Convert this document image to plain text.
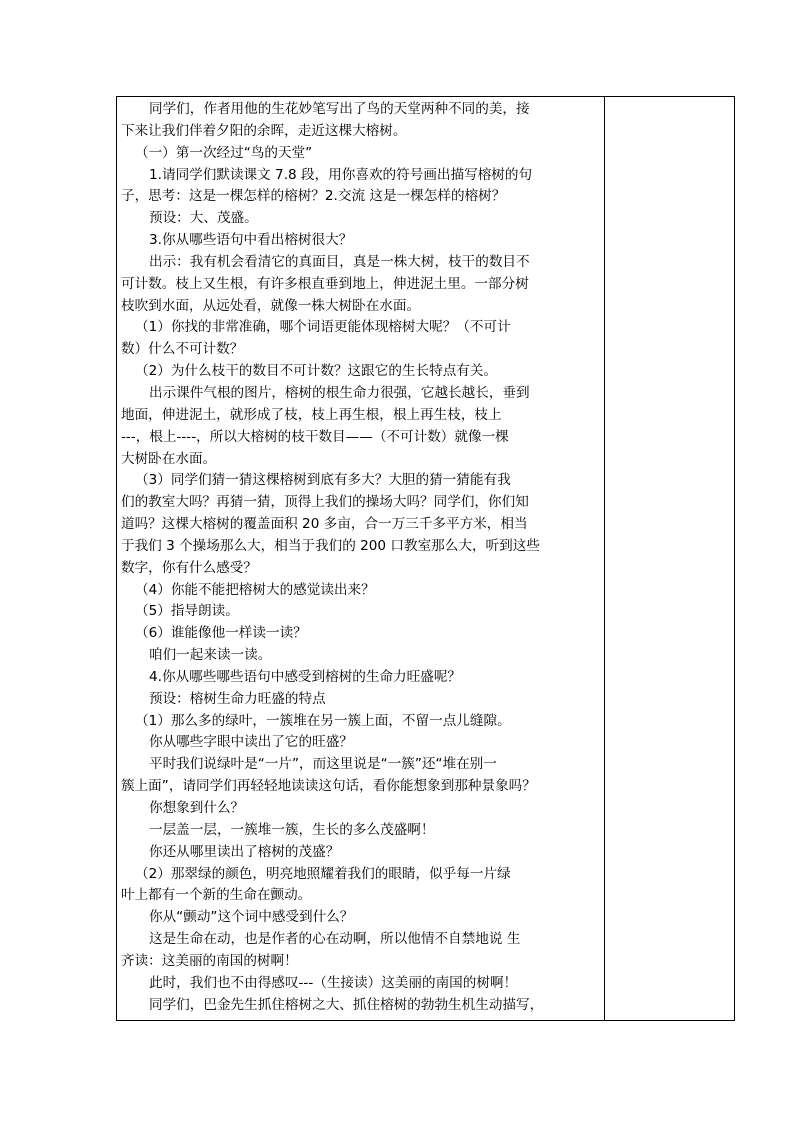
同学们，作者用他的生花妙笔写出了鸟的天堂两种不同的美，接
下来让我们伴着夕阳的余晖，走近这棵大榕树。
（一）第一次经过“鸟的天堂”
1.请同学们默读课文 7.8 段，用你喜欢的符号画出描写榕树的句
子，思考：这是一棵怎样的榕树？2.交流 这是一棵怎样的榕树？
预设：大、茂盛。
3.你从哪些语句中看出榕树很大？
出示：我有机会看清它的真面目，真是一株大树，枝干的数目不
可计数。枝上又生根，有许多根直垂到地上，伸进泥土里。一部分树
枝吹到水面，从远处看，就像一株大树卧在水面。
（1）你找的非常准确，哪个词语更能体现榕树大呢？（不可计
数）什么不可计数？
（2）为什么枝干的数目不可计数？这跟它的生长特点有关。
出示课件气根的图片，榕树的根生命力很强，它越长越长，垂到
地面，伸进泥土，就形成了枝，枝上再生根，根上再生枝，枝上
---，根上----，所以大榕树的枝干数目——（不可计数）就像一棵
大树卧在水面。
（3）同学们猜一猜这棵榕树到底有多大？大胆的猜一猜能有我
们的教室大吗？再猜一猜，顶得上我们的操场大吗？同学们，你们知
道吗？这棵大榕树的覆盖面积 20 多亩，合一万三千多平方米，相当
于我们 3 个操场那么大，相当于我们的 200 口教室那么大，听到这些
数字，你有什么感受？
（4）你能不能把榕树大的感觉读出来？
（5）指导朗读。
（6）谁能像他一样读一读？
咱们一起来读一读。
4.你从哪些哪些语句中感受到榕树的生命力旺盛呢？
预设：榕树生命力旺盛的特点
（1）那么多的绿叶，一簇堆在另一簇上面，不留一点儿缝隙。
你从哪些字眼中读出了它的旺盛？
平时我们说绿叶是“一片”，而这里说是“一簇”还“堆在别一
簇上面”，请同学们再轻轻地读读这句话，看你能想象到那种景象吗？
你想象到什么？
一层盖一层，一簇堆一簇，生长的多么茂盛啊！
你还从哪里读出了榕树的茂盛？
（2）那翠绿的颜色，明亮地照耀着我们的眼睛，似乎每一片绿
叶上都有一个新的生命在颤动。
你从“颤动”这个词中感受到什么？
这是生命在动，也是作者的心在动啊，所以他情不自禁地说 生
齐读：这美丽的南国的树啊！
此时，我们也不由得感叹---（生接读）这美丽的南国的树啊！
同学们，巴金先生抓住榕树之大、抓住榕树的勃勃生机生动描写，
